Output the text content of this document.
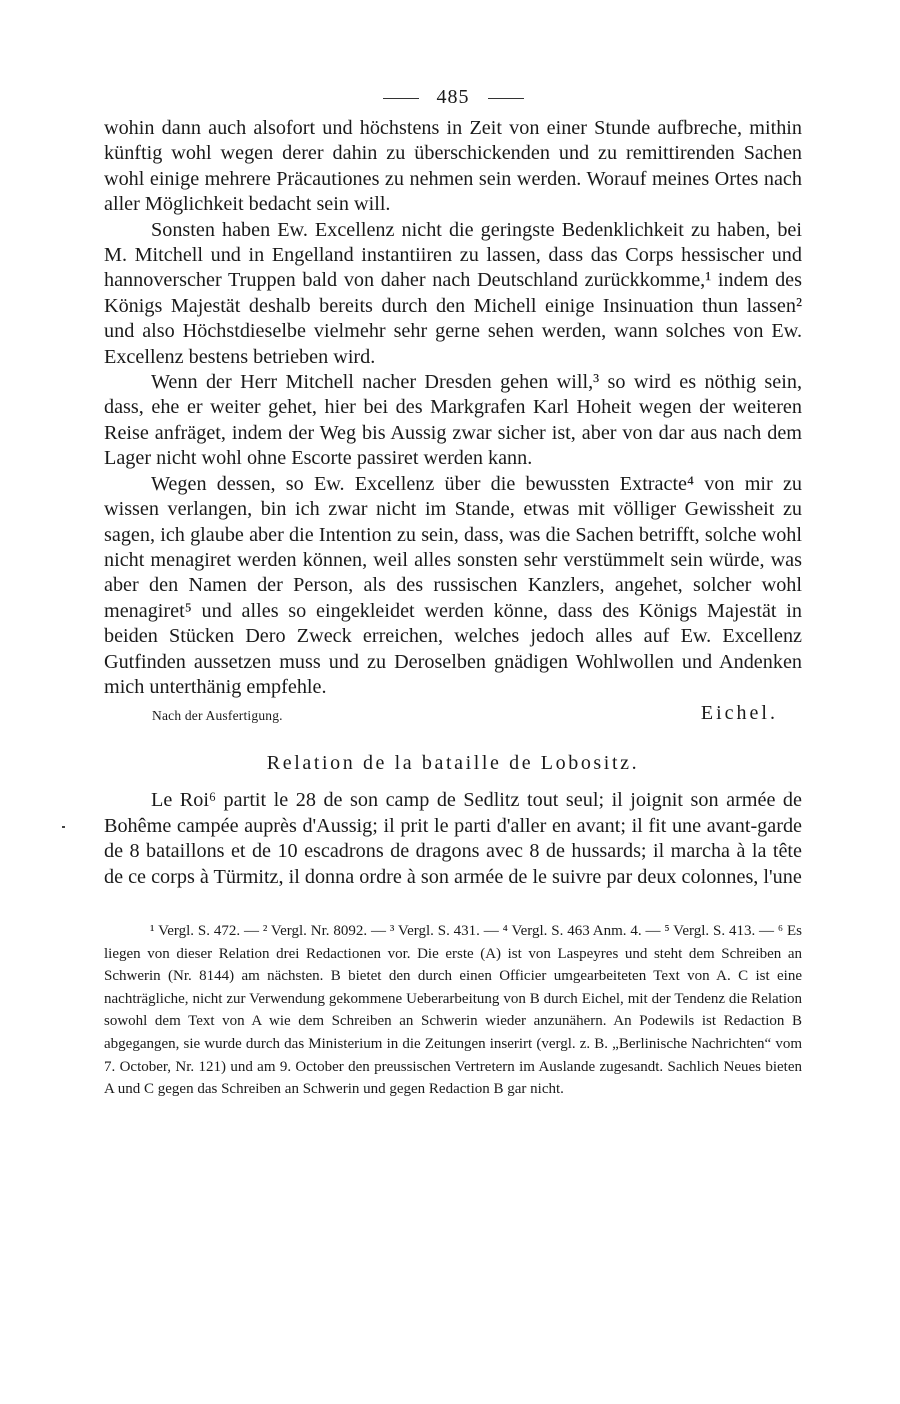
485

wohin dann auch alsofort und höchstens in Zeit von einer Stunde aufbreche, mithin künftig wohl wegen derer dahin zu überschickenden und zu remittirenden Sachen wohl einige mehrere Präcautiones zu nehmen sein werden. Worauf meines Ortes nach aller Möglichkeit bedacht sein will.

Sonsten haben Ew. Excellenz nicht die geringste Bedenklichkeit zu haben, bei M. Mitchell und in Engelland instantiiren zu lassen, dass das Corps hessischer und hannoverscher Truppen bald von daher nach Deutschland zurückkomme,¹ indem des Königs Majestät deshalb bereits durch den Michell einige Insinuation thun lassen² und also Höchstdieselbe vielmehr sehr gerne sehen werden, wann solches von Ew. Excellenz bestens betrieben wird.

Wenn der Herr Mitchell nacher Dresden gehen will,³ so wird es nöthig sein, dass, ehe er weiter gehet, hier bei des Markgrafen Karl Hoheit wegen der weiteren Reise anfräget, indem der Weg bis Aussig zwar sicher ist, aber von dar aus nach dem Lager nicht wohl ohne Escorte passiret werden kann.

Wegen dessen, so Ew. Excellenz über die bewussten Extracte⁴ von mir zu wissen verlangen, bin ich zwar nicht im Stande, etwas mit völliger Gewissheit zu sagen, ich glaube aber die Intention zu sein, dass, was die Sachen betrifft, solche wohl nicht menagiret werden können, weil alles sonsten sehr verstümmelt sein würde, was aber den Namen der Person, als des russischen Kanzlers, angehet, solcher wohl menagiret⁵ und alles so eingekleidet werden könne, dass des Königs Majestät in beiden Stücken Dero Zweck erreichen, welches jedoch alles auf Ew. Excellenz Gutfinden aussetzen muss und zu Deroselben gnädigen Wohlwollen und Andenken mich unterthänig empfehle.

Nach der Ausfertigung.	Eichel.
Relation de la bataille de Lobositz.

Le Roi⁶ partit le 28 de son camp de Sedlitz tout seul; il joignit son armée de Bohême campée auprès d'Aussig; il prit le parti d'aller en avant; il fit une avant-garde de 8 bataillons et de 10 escadrons de dragons avec 8 de hussards; il marcha à la tête de ce corps à Türmitz, il donna ordre à son armée de le suivre par deux colonnes, l'une

¹ Vergl. S. 472. — ² Vergl. Nr. 8092. — ³ Vergl. S. 431. — ⁴ Vergl. S. 463 Anm. 4. — ⁵ Vergl. S. 413. — ⁶ Es liegen von dieser Relation drei Redactionen vor. Die erste (A) ist von Laspeyres und steht dem Schreiben an Schwerin (Nr. 8144) am nächsten. B bietet den durch einen Officier umgearbeiteten Text von A. C ist eine nachträgliche, nicht zur Verwendung gekommene Ueberarbeitung von B durch Eichel, mit der Tendenz die Relation sowohl dem Text von A wie dem Schreiben an Schwerin wieder anzunähern. An Podewils ist Redaction B abgegangen, sie wurde durch das Ministerium in die Zeitungen inserirt (vergl. z. B. „Berlinische Nachrichten“ vom 7. October, Nr. 121) und am 9. October den preussischen Vertretern im Auslande zugesandt. Sachlich Neues bieten A und C gegen das Schreiben an Schwerin und gegen Redaction B gar nicht.
